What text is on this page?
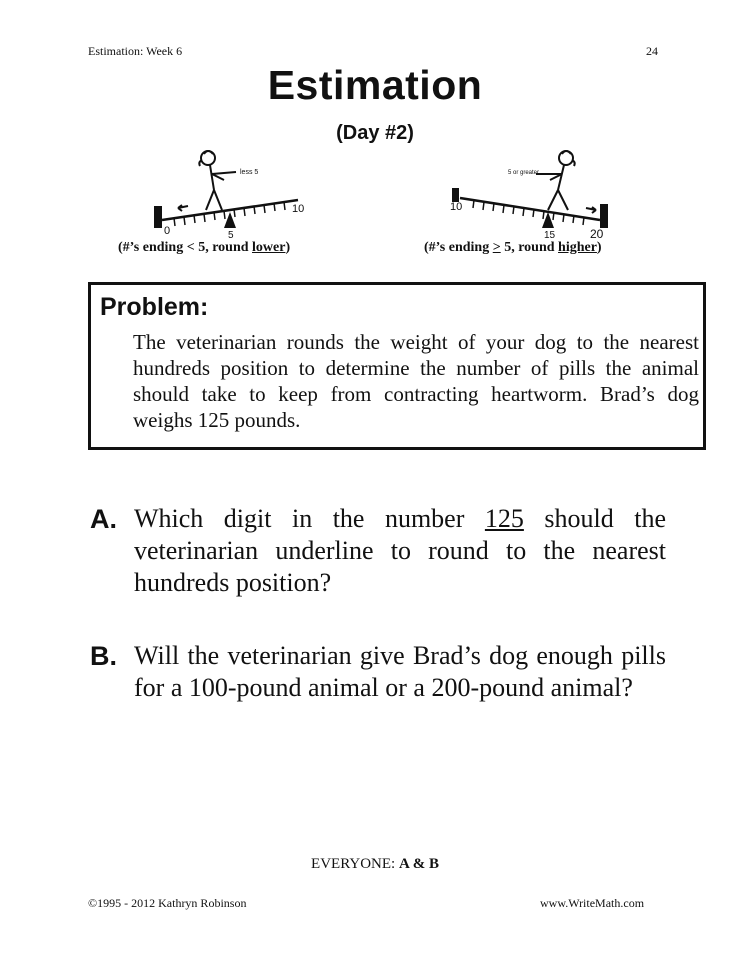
Estimation: Week 6	24
Estimation
(Day #2)
less 5
0	5
10
5 or greater
10
15	20
(#’s ending < 5, round lower)	(#’s ending > 5, round higher)
Problem:
The veterinarian rounds the weight of your dog to the nearest hundreds position to determine the number of pills the animal should take to keep from contracting heartworm. Brad’s dog weighs 125 pounds.
A. Which digit in the number 125 should the veterinarian underline to round to the nearest hundreds position?
B. Will the veterinarian give Brad’s dog enough pills for a 100-pound animal or a 200-pound animal?
EVERYONE: A & B
©1995 - 2012 Kathryn Robinson	www.WriteMath.com
